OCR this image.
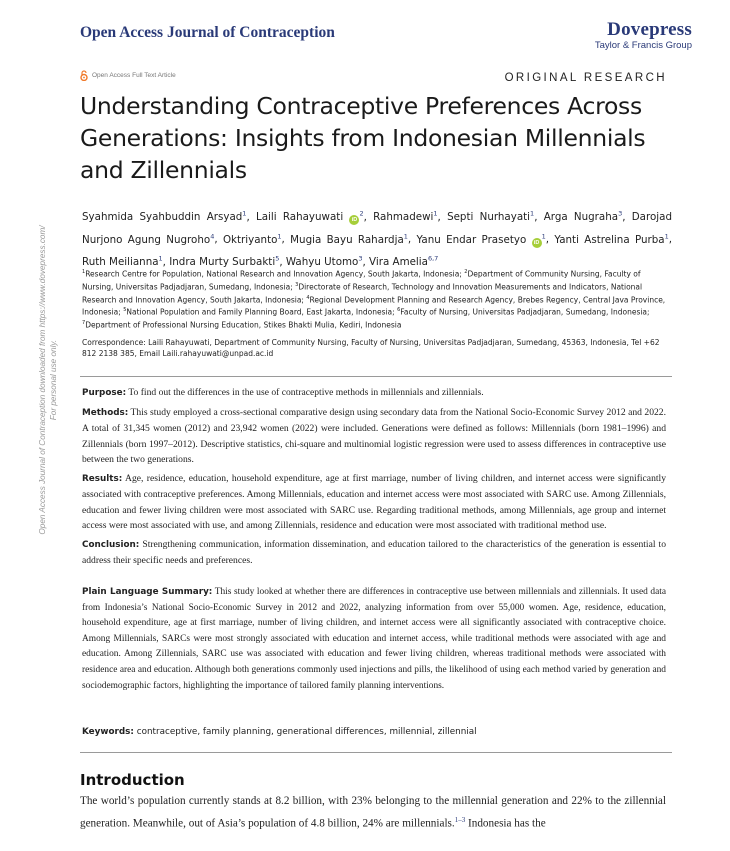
Open Access Journal of Contraception	Dovepress
Taylor & Francis Group
Open Access Full Text Article	ORIGINAL RESEARCH
Understanding Contraceptive Preferences Across Generations: Insights from Indonesian Millennials and Zillennials

Syahmida Syahbuddin Arsyad$^1$, Laili Rahayuwati $iD^2$, Rahmadewi$^1$, Septi Nurhayati$^1$, Arga Nugraha$^3$, Darojad Nurjono Agung Nugroho$^4$, Oktriyanto$^1$, Mugia Bayu Rahardja$^1$, Yanu Endar Prasetyo $iD^1$, Yanti Astrelina Purba$^1$, Ruth Meilianna$^1$, Indra Murty Surbakti$^5$, Wahyu Utomo$^3$, Vira Amelia$^{6,7}$

$^1$Research Centre for Population, National Research and Innovation Agency, South Jakarta, Indonesia; $^2$Department of Community Nursing, Faculty of Nursing, Universitas Padjadjaran, Sumedang, Indonesia; $^3$Directorate of Research, Technology and Innovation Measurements and Indicators, National Research and Innovation Agency, South Jakarta, Indonesia; $^4$Regional Development Planning and Research Agency, Brebes Regency, Central Java Province, Indonesia; $^5$National Population and Family Planning Board, East Jakarta, Indonesia; $^6$Faculty of Nursing, Universitas Padjadjaran, Sumedang, Indonesia; $^7$Department of Professional Nursing Education, Stikes Bhakti Mulia, Kediri, Indonesia

Correspondence: Laili Rahayuwati, Department of Community Nursing, Faculty of Nursing, Universitas Padjadjaran, Sumedang, 45363, Indonesia, Tel +62 812 2138 385, Email Laili.rahayuwati@unpad.ac.id

Purpose: To find out the differences in the use of contraceptive methods in millennials and zillennials.

Methods: This study employed a cross-sectional comparative design using secondary data from the National Socio-Economic Survey 2012 and 2022. A total of 31,345 women (2012) and 23,942 women (2022) were included. Generations were defined as follows: Millennials (born 1981–1996) and Zillennials (born 1997–2012). Descriptive statistics, chi-square and multinomial logistic regression were used to assess differences in contraceptive use between the two generations.

Results: Age, residence, education, household expenditure, age at first marriage, number of living children, and internet access were significantly associated with contraceptive preferences. Among Millennials, education and internet access were most associated with SARC use. Among Zillennials, education and fewer living children were most associated with SARC use. Regarding traditional methods, among Millennials, age group and internet access were most associated with use, and among Zillennials, residence and education were most associated with traditional method use.

Conclusion: Strengthening communication, information dissemination, and education tailored to the characteristics of the generation is essential to address their specific needs and preferences.

Plain Language Summary: This study looked at whether there are differences in contraceptive use between millennials and zillennials. It used data from Indonesia’s National Socio-Economic Survey in 2012 and 2022, analyzing information from over 55,000 women. Age, residence, education, household expenditure, age at first marriage, number of living children, and internet access were all significantly associated with contraceptive choice. Among Millennials, SARCs were most strongly associated with education and internet access, while traditional methods were associated with age and education. Among Zillennials, SARC use was associated with education and fewer living children, whereas traditional methods were associated with residence area and education. Although both generations commonly used injections and pills, the likelihood of using each method varied by generation and sociodemographic factors, highlighting the importance of tailored family planning interventions.

Keywords: contraceptive, family planning, generational differences, millennial, zillennial

Introduction

The world’s population currently stands at 8.2 billion, with 23% belonging to the millennial generation and 22% to the zillennial generation. Meanwhile, out of Asia’s population of 4.8 billion, 24% are millennials.$^{1-3}$ Indonesia has the

Open Access Journal of Contraception downloaded from https://www.dovepress.com/ For personal use only.
